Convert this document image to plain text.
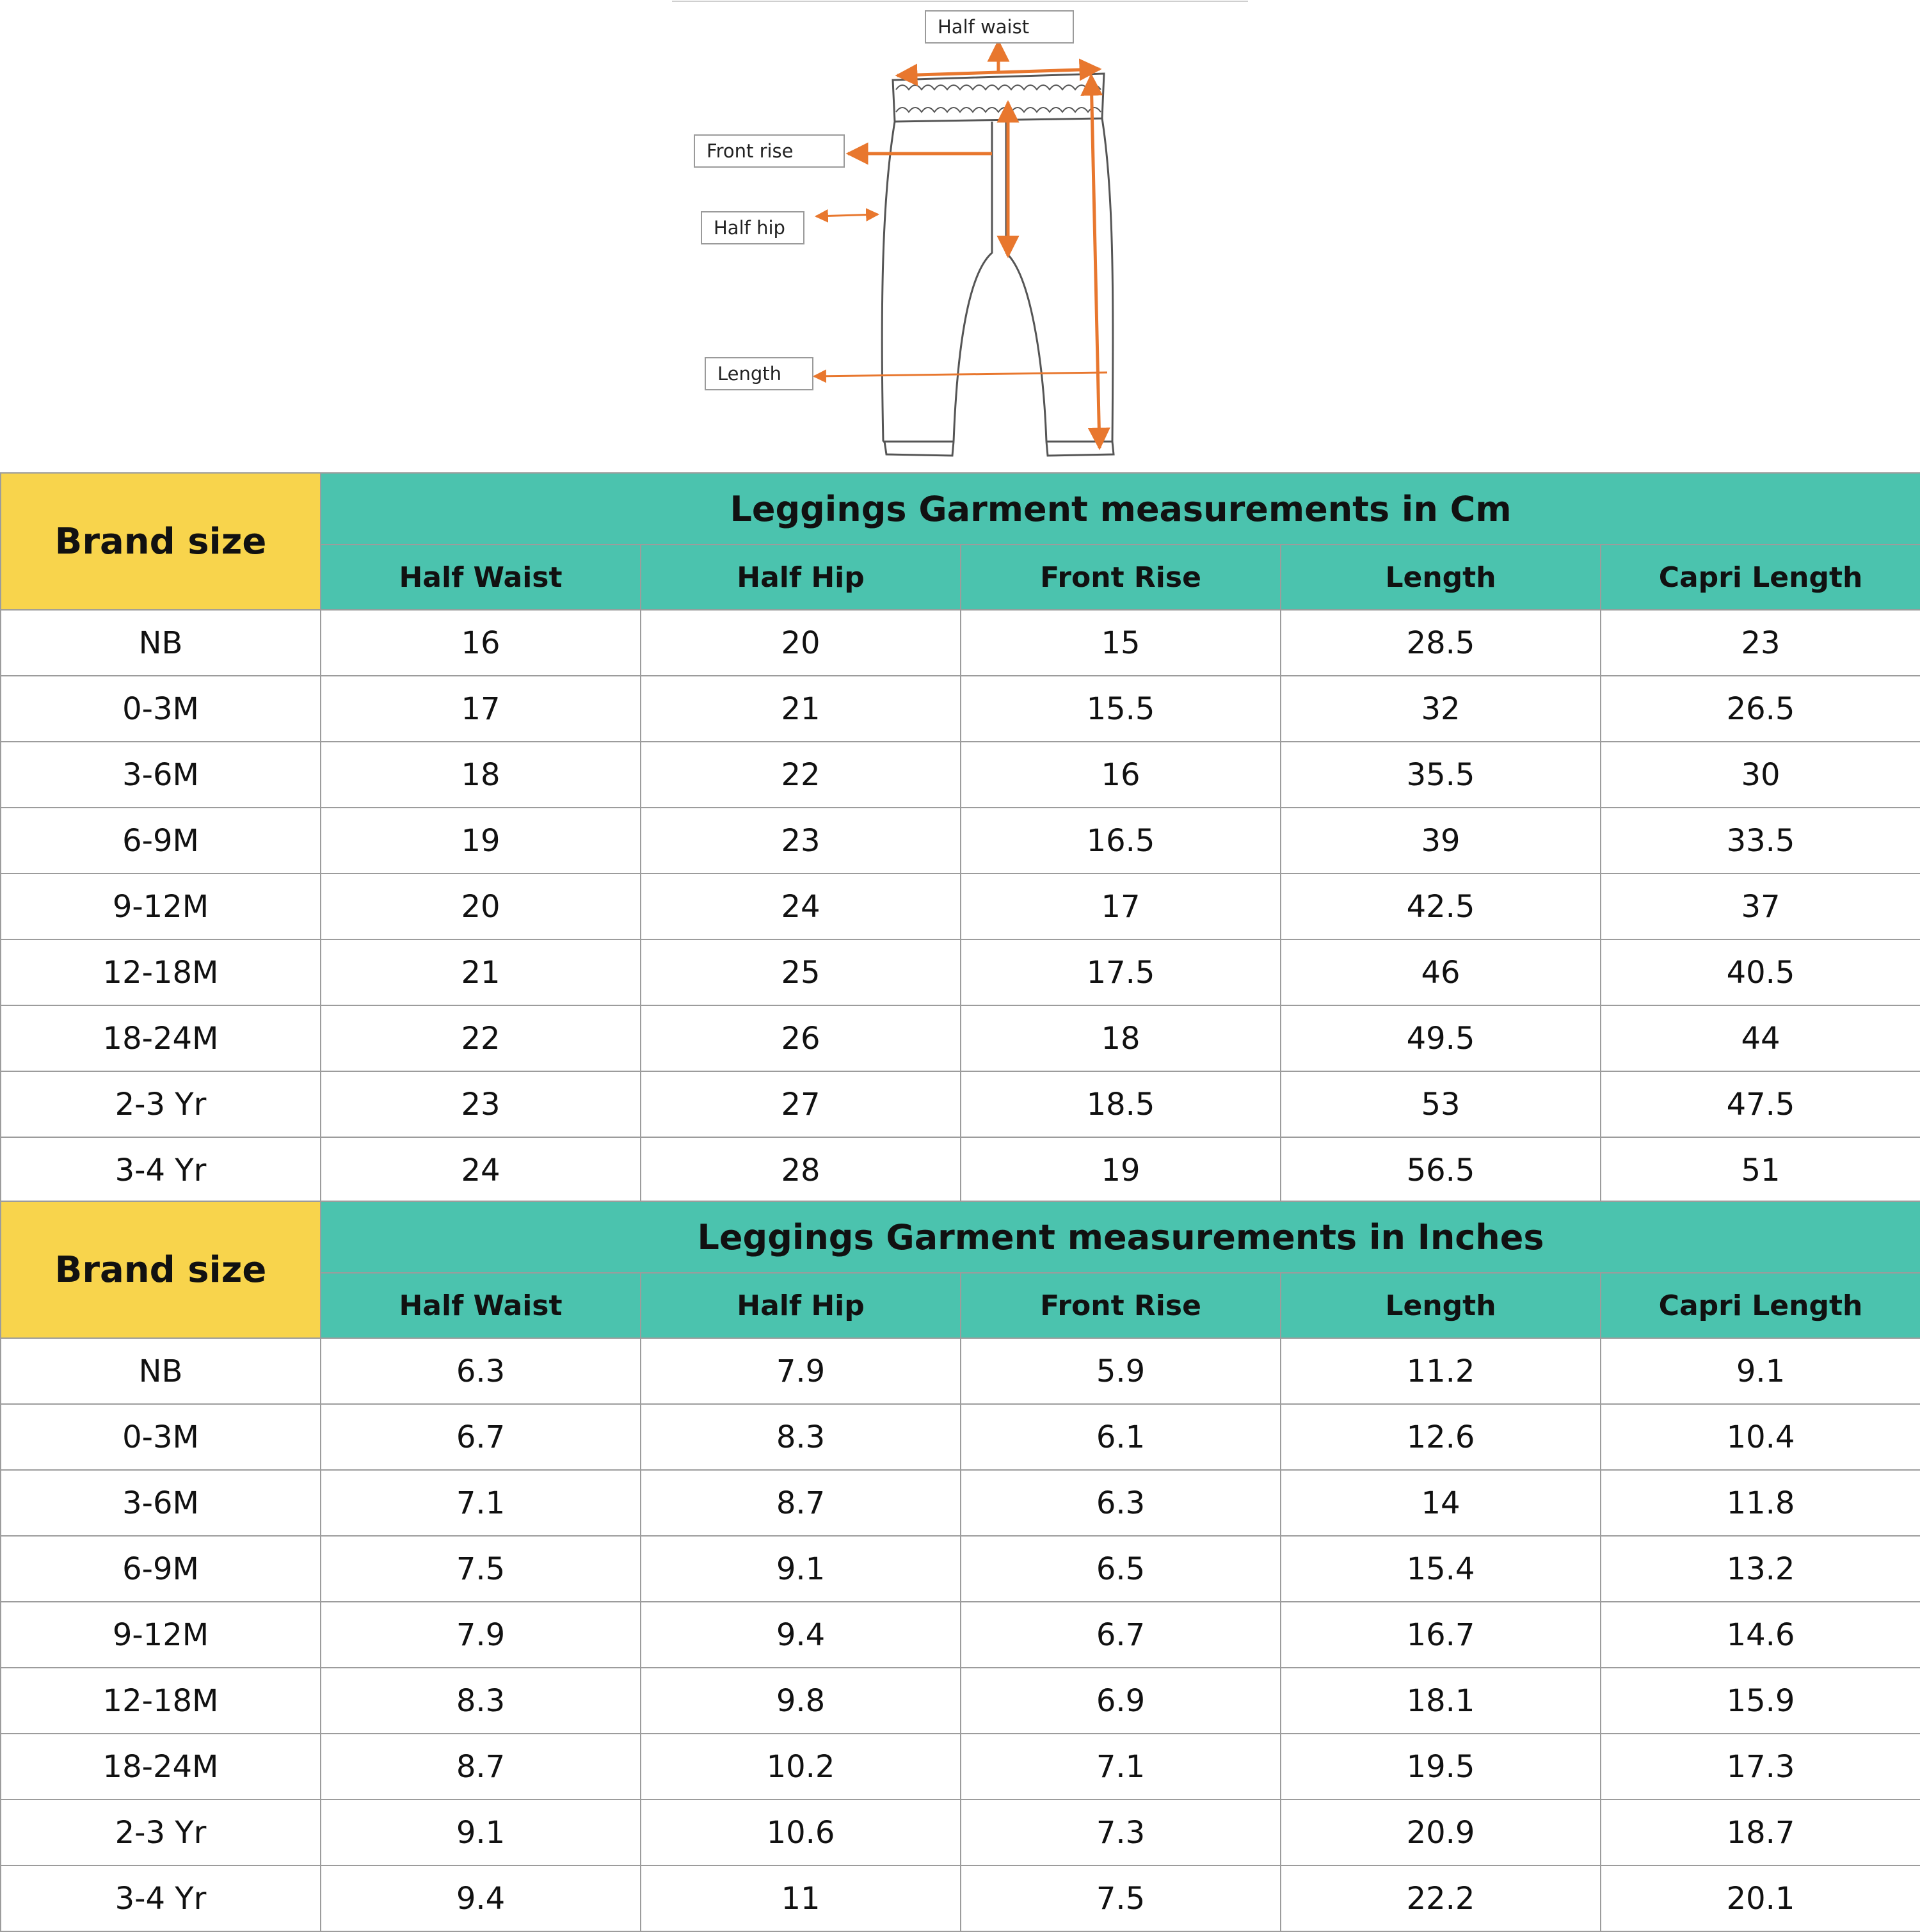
Half waist
Front rise
Half hip
Length
Brand size	Leggings Garment measurements in Cm				
	Half Waist	Half Hip	Front Rise	Length	Capri Length
NB	16	20	15	28.5	23
0-3M	17	21	15.5	32	26.5
3-6M	18	22	16	35.5	30
6-9M	19	23	16.5	39	33.5
9-12M	20	24	17	42.5	37
12-18M	21	25	17.5	46	40.5
18-24M	22	26	18	49.5	44
2-3 Yr	23	27	18.5	53	47.5
3-4 Yr	24	28	19	56.5	51
Brand size	Leggings Garment measurements in Inches				
	Half Waist	Half Hip	Front Rise	Length	Capri Length
NB	6.3	7.9	5.9	11.2	9.1
0-3M	6.7	8.3	6.1	12.6	10.4
3-6M	7.1	8.7	6.3	14	11.8
6-9M	7.5	9.1	6.5	15.4	13.2
9-12M	7.9	9.4	6.7	16.7	14.6
12-18M	8.3	9.8	6.9	18.1	15.9
18-24M	8.7	10.2	7.1	19.5	17.3
2-3 Yr	9.1	10.6	7.3	20.9	18.7
3-4 Yr	9.4	11	7.5	22.2	20.1
